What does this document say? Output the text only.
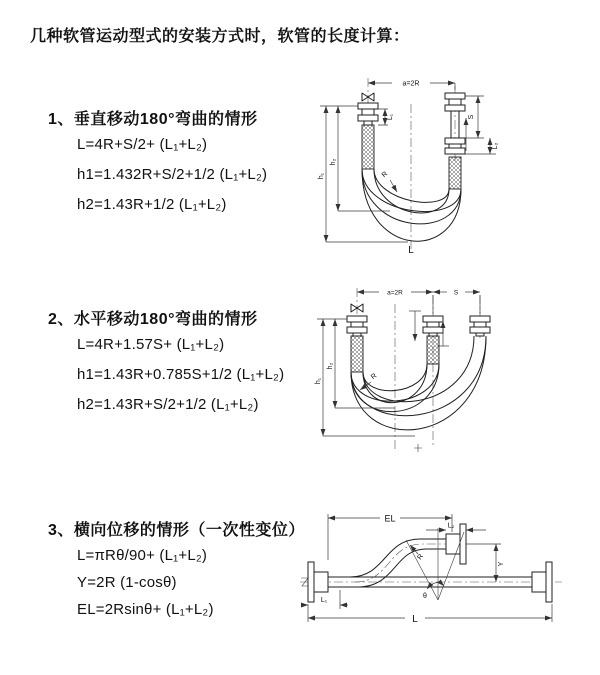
几种软管运动型式的安装方式时，软管的长度计算：
1、垂直移动180°弯曲的情形
L=4R+S/2+ (L₁+L₂)
h1=1.432R+S/2+1/2 (L₁+L₂)
h2=1.43R+1/2 (L₁+L₂)
2、水平移动180°弯曲的情形
L=4R+1.57S+ (L₁+L₂)
h1=1.43R+0.785S+1/2 (L₁+L₂)
h2=1.43R+S/2+1/2 (L₁+L₂)
3、横向位移的情形（一次性变位）
L=πRθ/90+ (L₁+L₂)
Y=2R (1-cosθ)
EL=2Rsinθ+ (L₁+L₂)
a=2R
S
L₂
L₁
h₁
h₂
R
L
a=2R	S
h₁
h₂
R
θ
EL
L₂
Y
R
L₁
L
